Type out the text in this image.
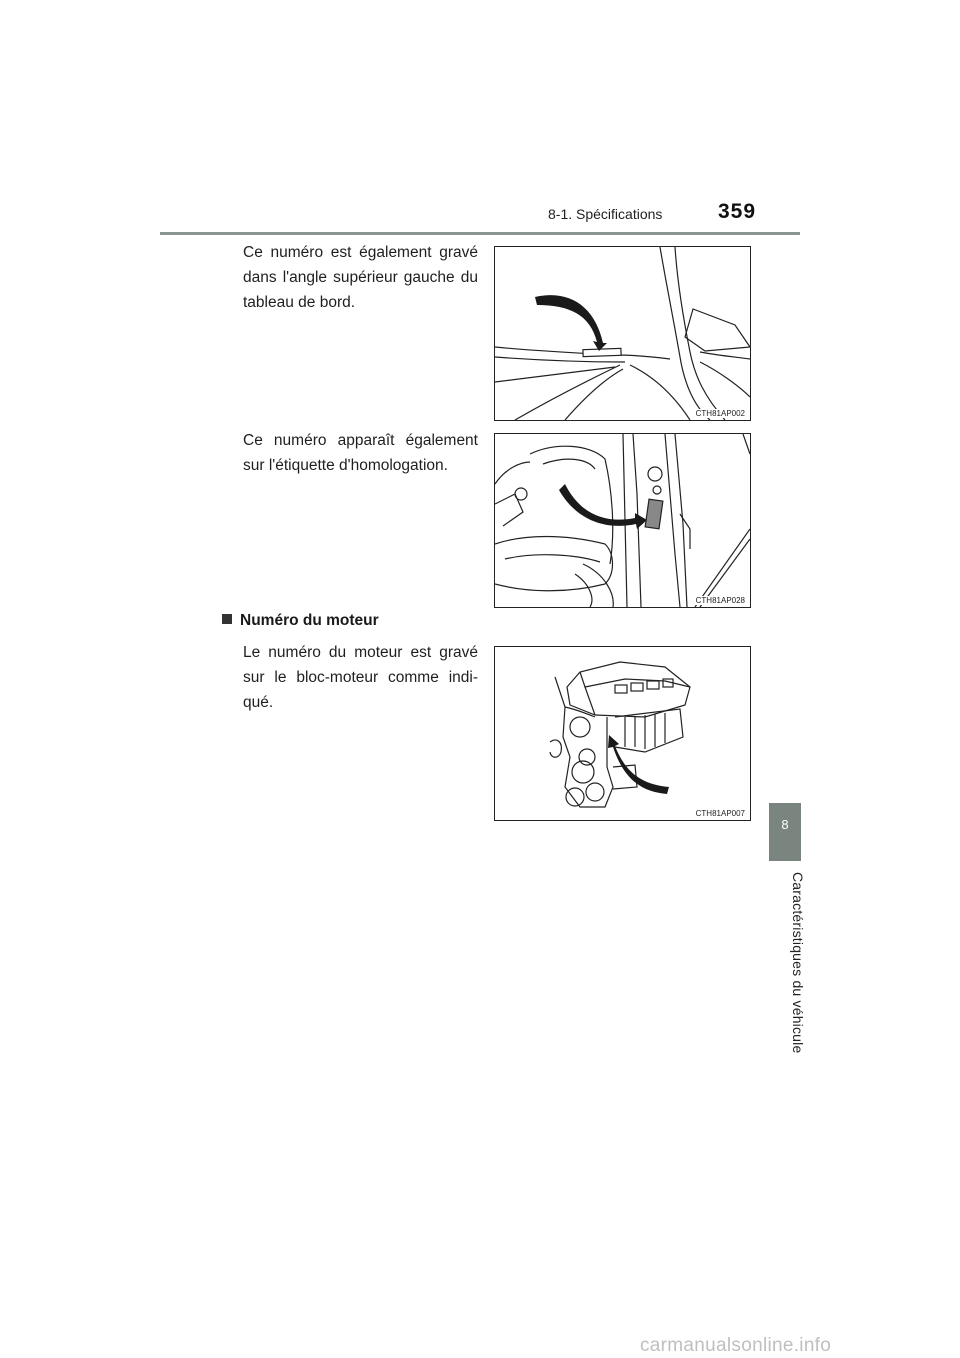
8-1. Spécifications	359
8
Caractéristiques du véhicule
Ce numéro est également gravé dans l'angle supérieur gauche du tableau de bord.
CTH81AP002
Ce numéro apparaît également sur l'étiquette d'homologation.
CTH81AP028
Numéro du moteur
Le numéro du moteur est gravé sur le bloc-moteur comme indi-qué.
CTH81AP007
carmanualsonline.info
